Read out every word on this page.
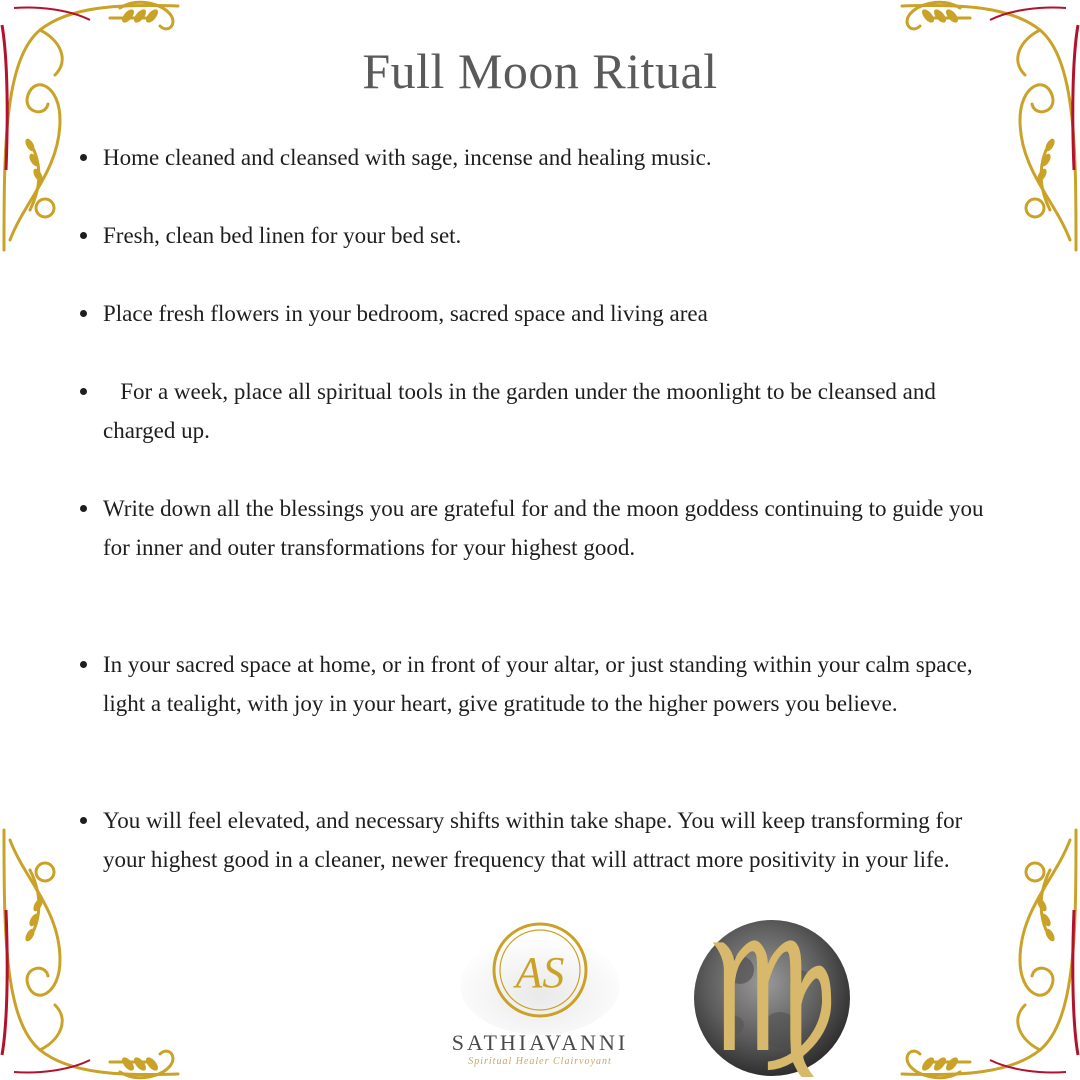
Full Moon Ritual
Home cleaned and cleansed with sage, incense and healing music.
Fresh, clean bed linen for your bed set.
Place fresh flowers in your bedroom, sacred space and living area
For a week, place all spiritual tools in the garden under the moonlight to be cleansed and charged up.
Write down all the blessings you are grateful for and the moon goddess continuing to guide you for inner and outer transformations for your highest good.
In your sacred space at home, or in front of your altar, or just standing within your calm space, light a tealight, with joy in your heart, give gratitude to the higher powers you believe.
You will feel elevated, and necessary shifts within take shape. You will keep transforming for your highest good in a cleaner, newer frequency that will attract more positivity in your life.
AS
SATHIAVANNI
Spiritual Healer Clairvoyant ♍
